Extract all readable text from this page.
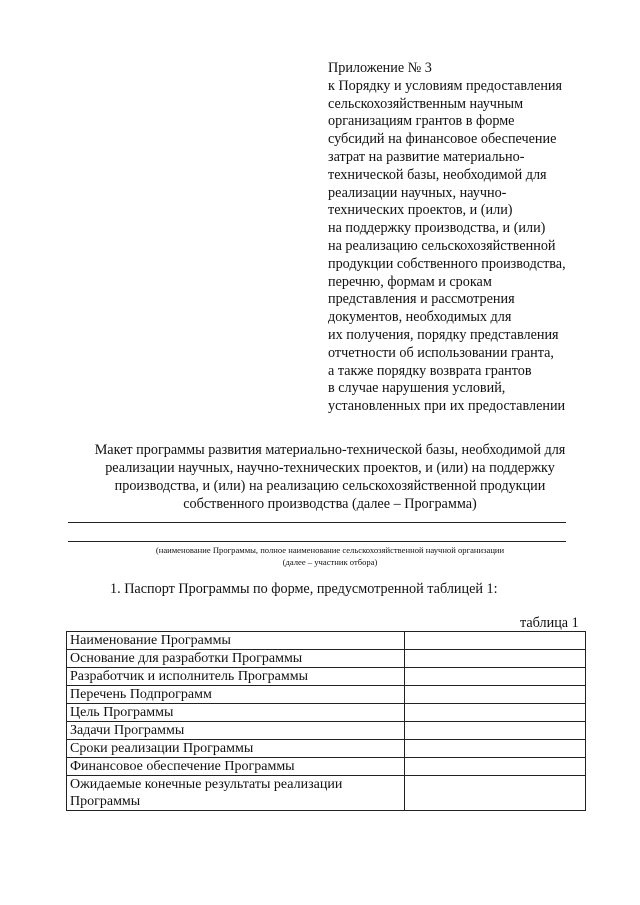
Приложение № 3
к Порядку и условиям предоставления
сельскохозяйственным научным
организациям грантов в форме
субсидий на финансовое обеспечение
затрат на развитие материально-
технической базы, необходимой для
реализации научных, научно-
технических проектов, и (или)
на поддержку производства, и (или)
на реализацию сельскохозяйственной
продукции собственного производства,
перечню, формам и срокам
представления и рассмотрения
документов, необходимых для
их получения, порядку представления
отчетности об использовании гранта,
а также порядку возврата грантов
в случае нарушения условий,
установленных при их предоставлении
Макет программы развития материально-технической базы, необходимой для
реализации научных, научно-технических проектов, и (или) на поддержку
производства, и (или) на реализацию сельскохозяйственной продукции
собственного производства (далее – Программа)
(наименование Программы, полное наименование сельскохозяйственной научной организации
(далее – участник отбора)
1. Паспорт Программы по форме, предусмотренной таблицей 1:
таблица 1
Наименование Программы	
Основание для разработки Программы	
Разработчик и исполнитель Программы	
Перечень Подпрограмм	
Цель Программы	
Задачи Программы	
Сроки реализации Программы	
Финансовое обеспечение Программы	
Ожидаемые конечные результаты реализации Программы	
